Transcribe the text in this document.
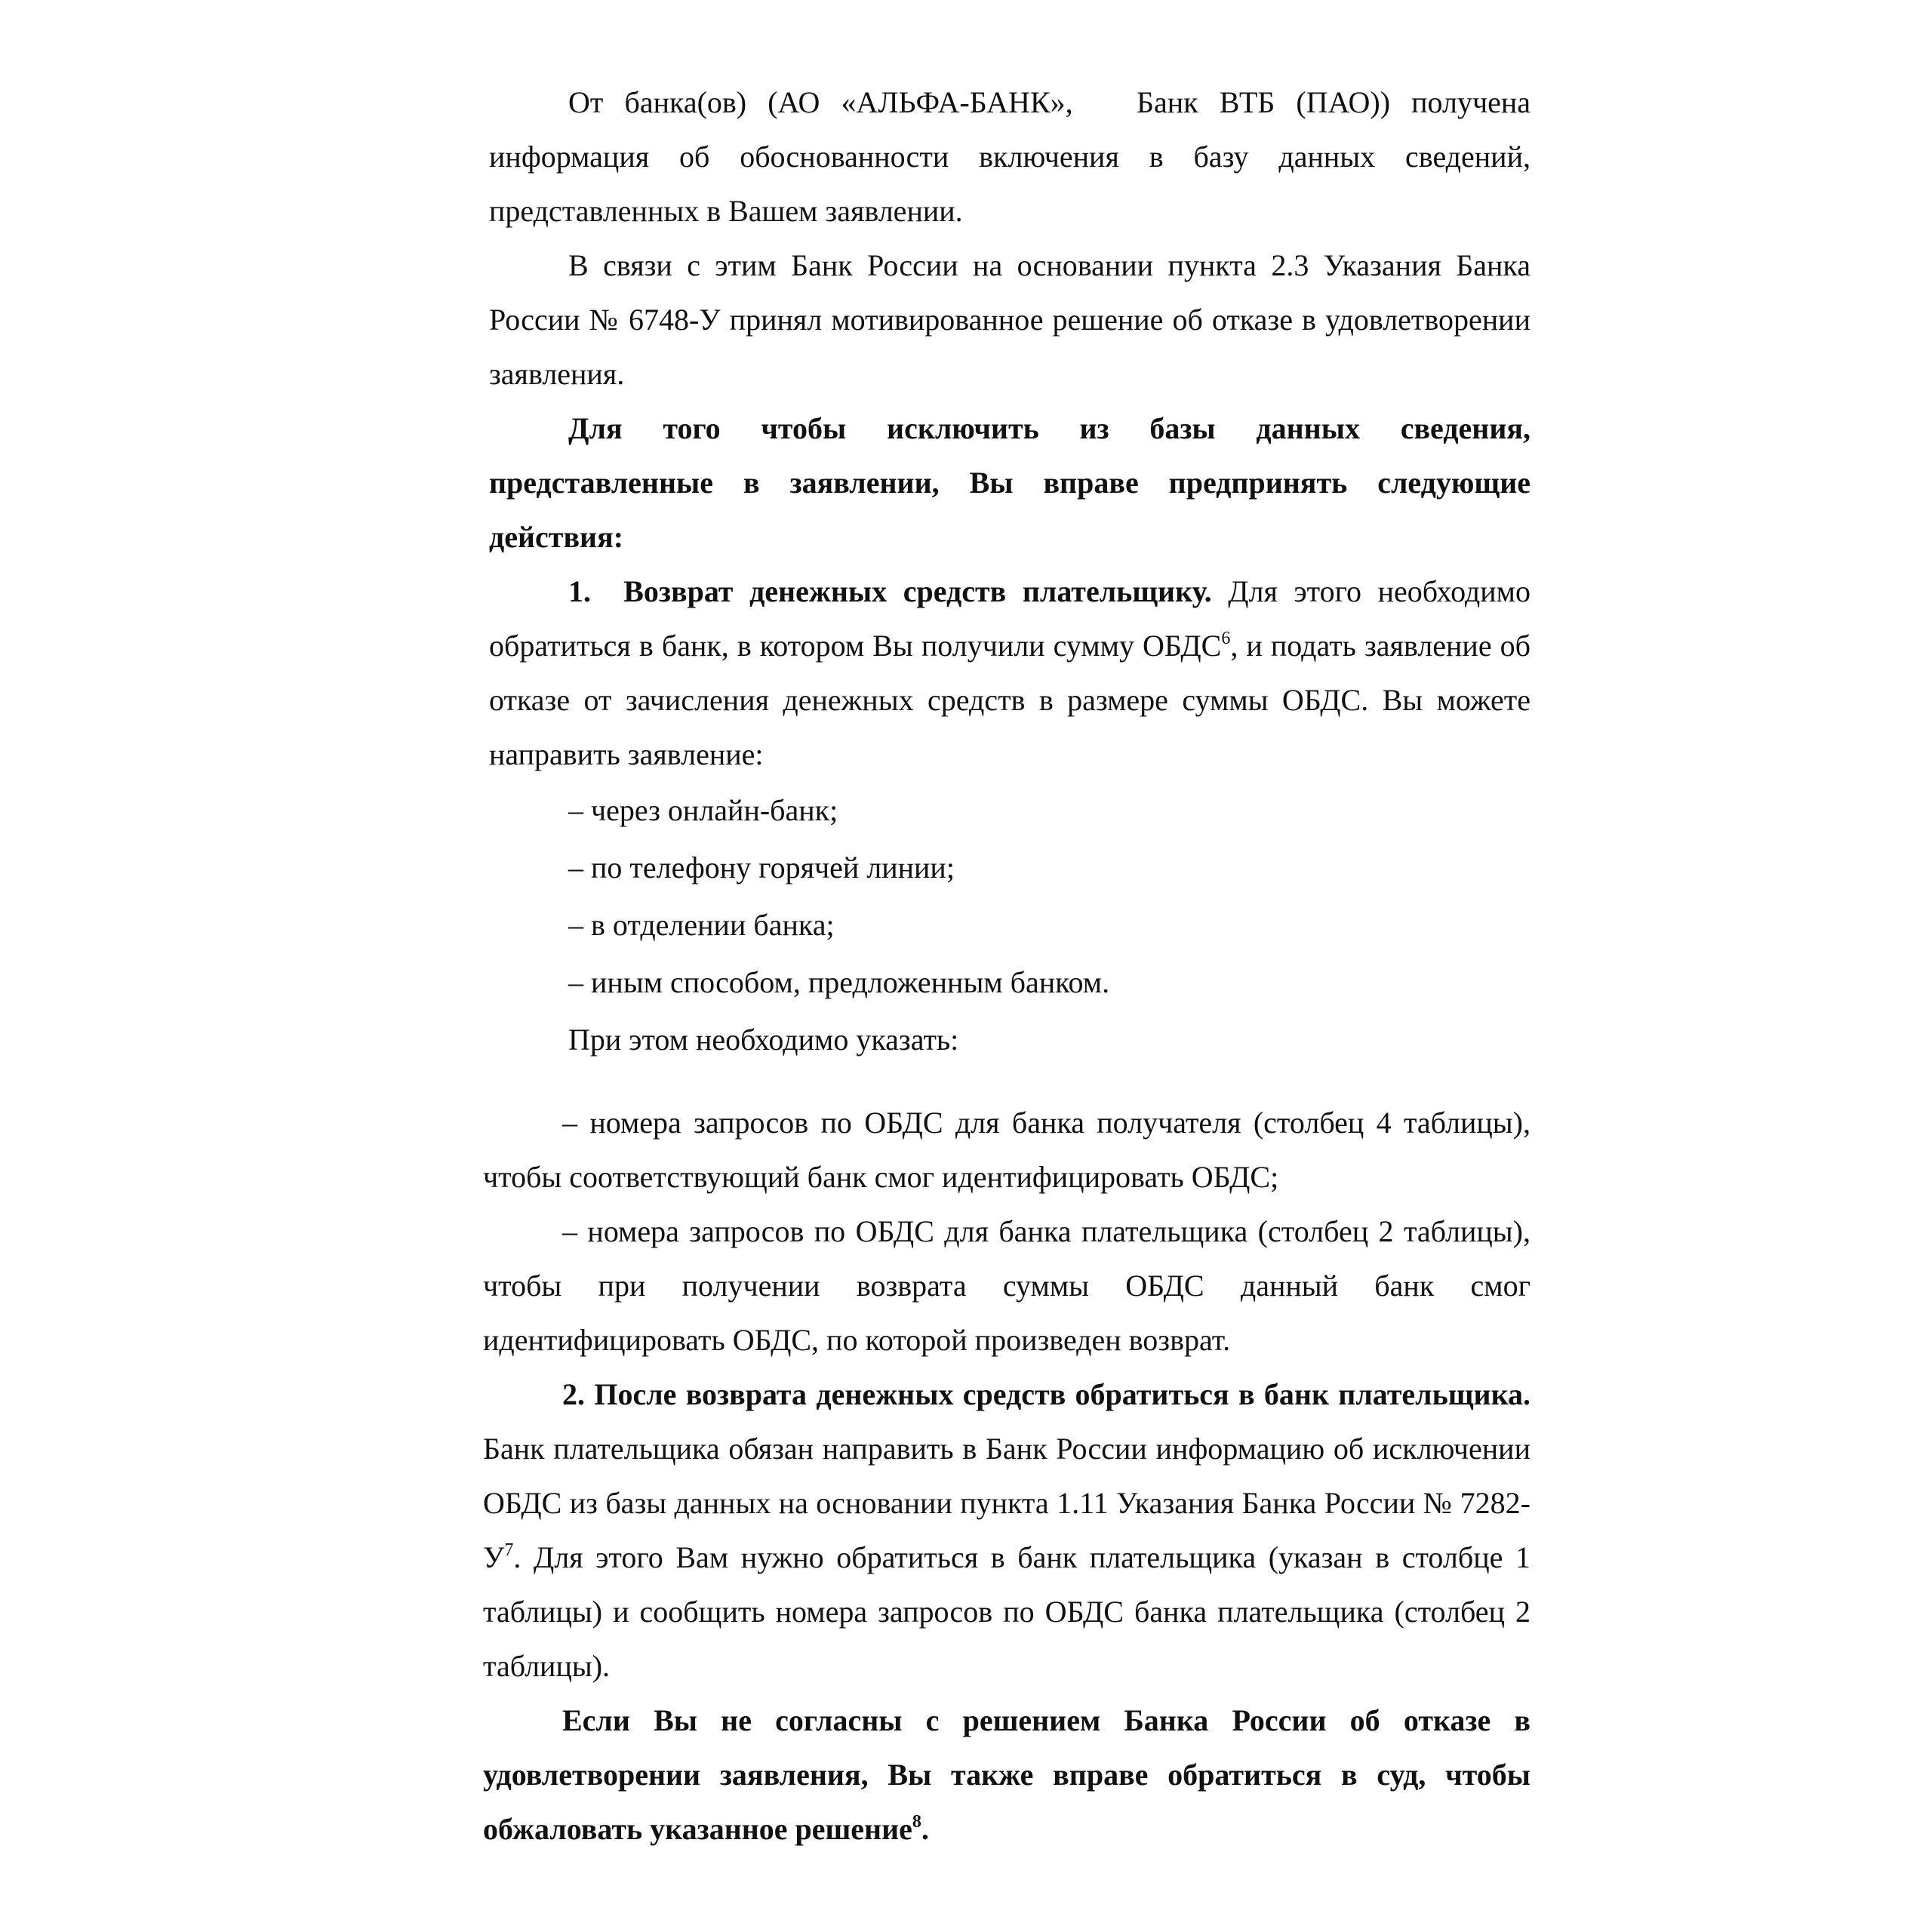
От банка(ов) (АО «АЛЬФА-БАНК», Банк ВТБ (ПАО)) получена информация об обоснованности включения в базу данных сведений, представленных в Вашем заявлении.

В связи с этим Банк России на основании пункта 2.3 Указания Банка России № 6748-У принял мотивированное решение об отказе в удовлетворении заявления.

Для того чтобы исключить из базы данных сведения, представленные в заявлении, Вы вправе предпринять следующие действия:

1. Возврат денежных средств плательщику. Для этого необходимо обратиться в банк, в котором Вы получили сумму ОБДС$^6$, и подать заявление об отказе от зачисления денежных средств в размере суммы ОБДС. Вы можете направить заявление:

– через онлайн-банк;

– по телефону горячей линии;

– в отделении банка;

– иным способом, предложенным банком.

При этом необходимо указать:

– номера запросов по ОБДС для банка получателя (столбец 4 таблицы), чтобы соответствующий банк смог идентифицировать ОБДС;

– номера запросов по ОБДС для банка плательщика (столбец 2 таблицы), чтобы при получении возврата суммы ОБДС данный банк смог идентифицировать ОБДС, по которой произведен возврат.

2. После возврата денежных средств обратиться в банк плательщика. Банк плательщика обязан направить в Банк России информацию об исключении ОБДС из базы данных на основании пункта 1.11 Указания Банка России № $7282-У^7$. Для этого Вам нужно обратиться в банк плательщика (указан в столбце 1 таблицы) и сообщить номера запросов по ОБДС банка плательщика (столбец 2 таблицы).

Если Вы не согласны с решением Банка России об отказе в удовлетворении заявления, Вы также вправе обратиться в суд, чтобы обжаловать указанное решение$^8$.
